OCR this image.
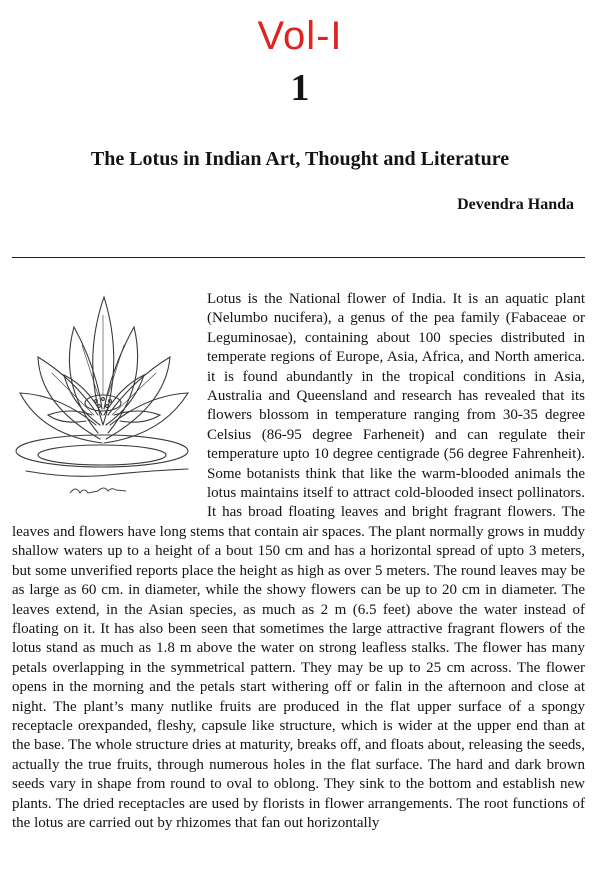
Vol-I
1
The Lotus in Indian Art, Thought and Literature
Devendra Handa
Lotus is the National flower of India. It is an aquatic plant (Nelumbo nucifera), a genus of the pea family (Fabaceae or Leguminosae), containing about 100 species distributed in temperate regions of Europe, Asia, Africa, and North america. it is found abundantly in the tropical conditions in Asia, Australia and Queensland and research has revealed that its flowers blossom in temperature ranging from 30-35 degree Celsius (86-95 degree Farheneit) and can regulate their temperature upto 10 degree centigrade (56 degree Fahrenheit). Some botanists think that like the warm-blooded animals the lotus maintains itself to attract cold-blooded insect pollinators. It has broad floating leaves and bright fragrant flowers. The leaves and flowers have long stems that contain air spaces. The plant normally grows in muddy shallow waters up to a height of a bout 150 cm and has a horizontal spread of upto 3 meters, but some unverified reports place the height as high as over 5 meters. The round leaves may be as large as 60 cm. in diameter, while the showy flowers can be up to 20 cm in diameter. The leaves extend, in the Asian species, as much as 2 m (6.5 feet) above the water instead of floating on it. It has also been seen that sometimes the large attractive fragrant flowers of the lotus stand as much as 1.8 m above the water on strong leafless stalks. The flower has many petals overlapping in the symmetrical pattern. They may be up to 25 cm across. The flower opens in the morning and the petals start withering off or falin in the afternoon and close at night. The plant’s many nutlike fruits are produced in the flat upper surface of a spongy receptacle orexpanded, fleshy, capsule like structure, which is wider at the upper end than at the base. The whole structure dries at maturity, breaks off, and floats about, releasing the seeds, actually the true fruits, through numerous holes in the flat surface. The hard and dark brown seeds vary in shape from round to oval to oblong. They sink to the bottom and establish new plants. The dried receptacles are used by florists in flower arrangements. The root functions of the lotus are carried out by rhizomes that fan out horizontally
